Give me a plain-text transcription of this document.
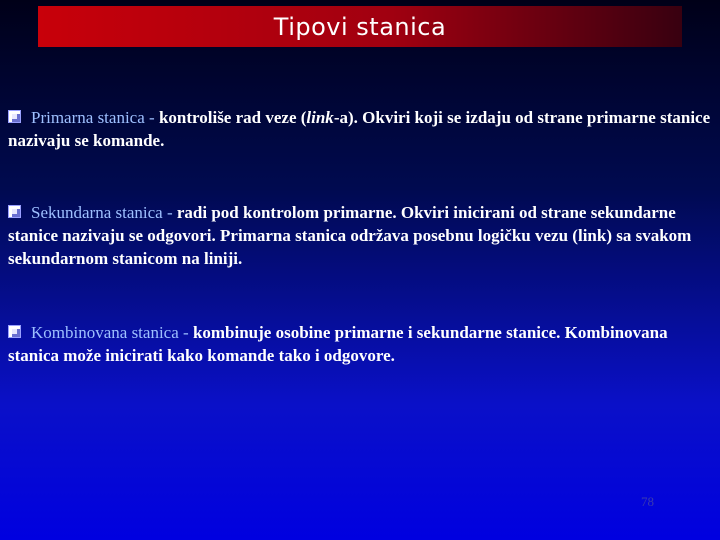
Tipovi stanica
Primarna stanica - kontroliše rad veze (link-a). Okviri koji se izdaju od strane primarne stanice nazivaju se komande.
Sekundarna stanica - radi pod kontrolom primarne. Okviri inicirani od strane sekundarne stanice nazivaju se odgovori. Primarna stanica održava posebnu logičku vezu (link) sa svakom sekundarnom stanicom na liniji.
Kombinovana stanica - kombinuje osobine primarne i sekundarne stanice. Kombinovana stanica može inicirati kako komande tako i odgovore.
78
